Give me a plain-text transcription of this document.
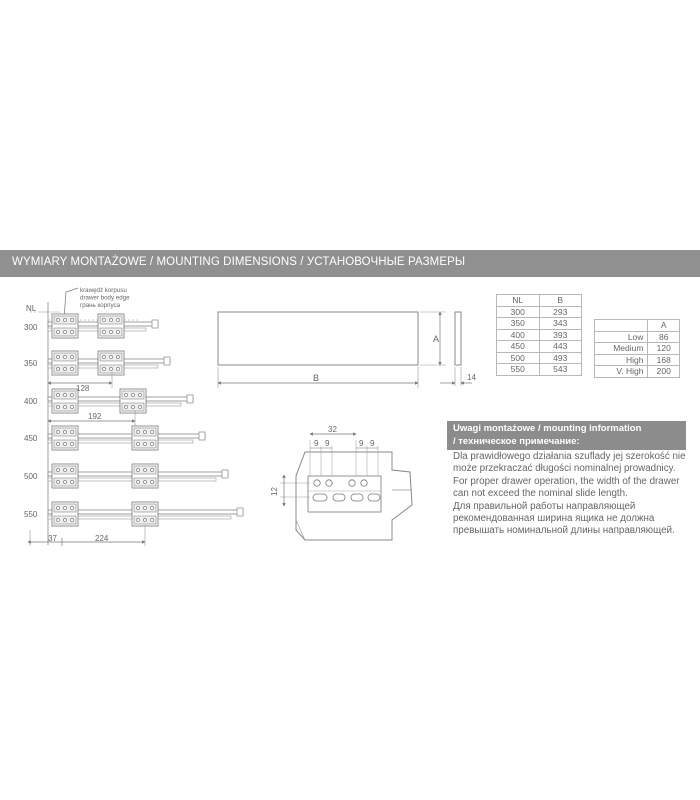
WYMIARY MONTAŻOWE / MOUNTING DIMENSIONS / УСТАНОВОЧНЫЕ РАЗМЕРЫ
NL
krawędź korpusu
drawer body edge
грань корпуса
300
350
400
450
500
550
128
192
37	224
A
B	14
32
9 9	9 9
12
NL	B
300	293
350	343
400	393
450	443
500	493
550	543
	A
Low	86
Medium	120
High	168
V. High	200
Uwagi montażowe / mounting information
/ техническое примечание:

Dla prawidłowego działania szuflady jej szerokość nie może przekraczać długości nominalnej prowadnicy.

For proper drawer operation, the width of the drawer can not exceed the nominal slide length.

Для правильной работы направляющей рекомендованная ширина ящика не должна превышать номинальной длины направляющей.
